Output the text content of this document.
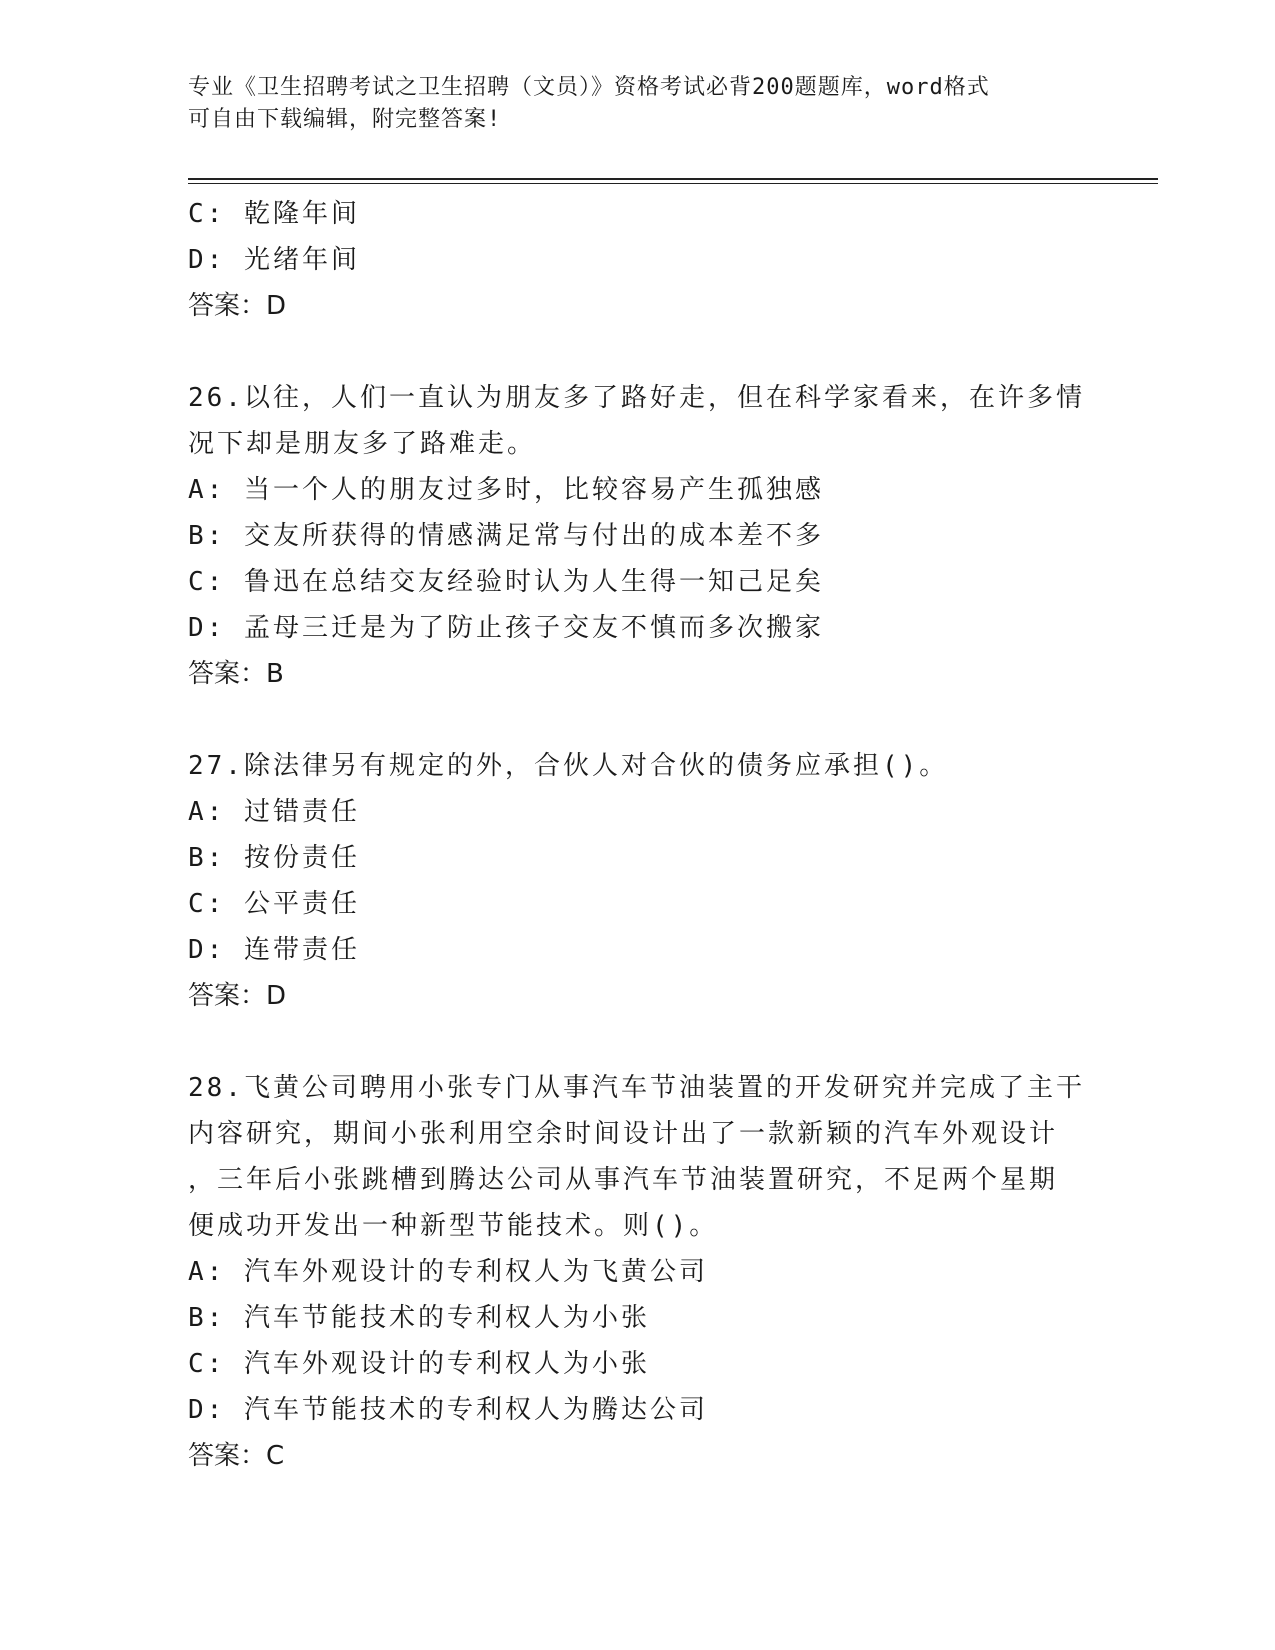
专业《卫生招聘考试之卫生招聘（文员）》资格考试必背200题题库，word格式
可自由下载编辑，附完整答案!
C: 乾隆年间
D: 光绪年间
答案：D
26.以往，人们一直认为朋友多了路好走，但在科学家看来，在许多情
况下却是朋友多了路难走。
A: 当一个人的朋友过多时，比较容易产生孤独感
B: 交友所获得的情感满足常与付出的成本差不多
C: 鲁迅在总结交友经验时认为人生得一知己足矣
D: 孟母三迁是为了防止孩子交友不慎而多次搬家
答案：B
27.除法律另有规定的外，合伙人对合伙的债务应承担()。
A: 过错责任
B: 按份责任
C: 公平责任
D: 连带责任
答案：D
28.飞黄公司聘用小张专门从事汽车节油装置的开发研究并完成了主干
内容研究，期间小张利用空余时间设计出了一款新颖的汽车外观设计
，三年后小张跳槽到腾达公司从事汽车节油装置研究，不足两个星期
便成功开发出一种新型节能技术。则()。
A: 汽车外观设计的专利权人为飞黄公司
B: 汽车节能技术的专利权人为小张
C: 汽车外观设计的专利权人为小张
D: 汽车节能技术的专利权人为腾达公司
答案：C
